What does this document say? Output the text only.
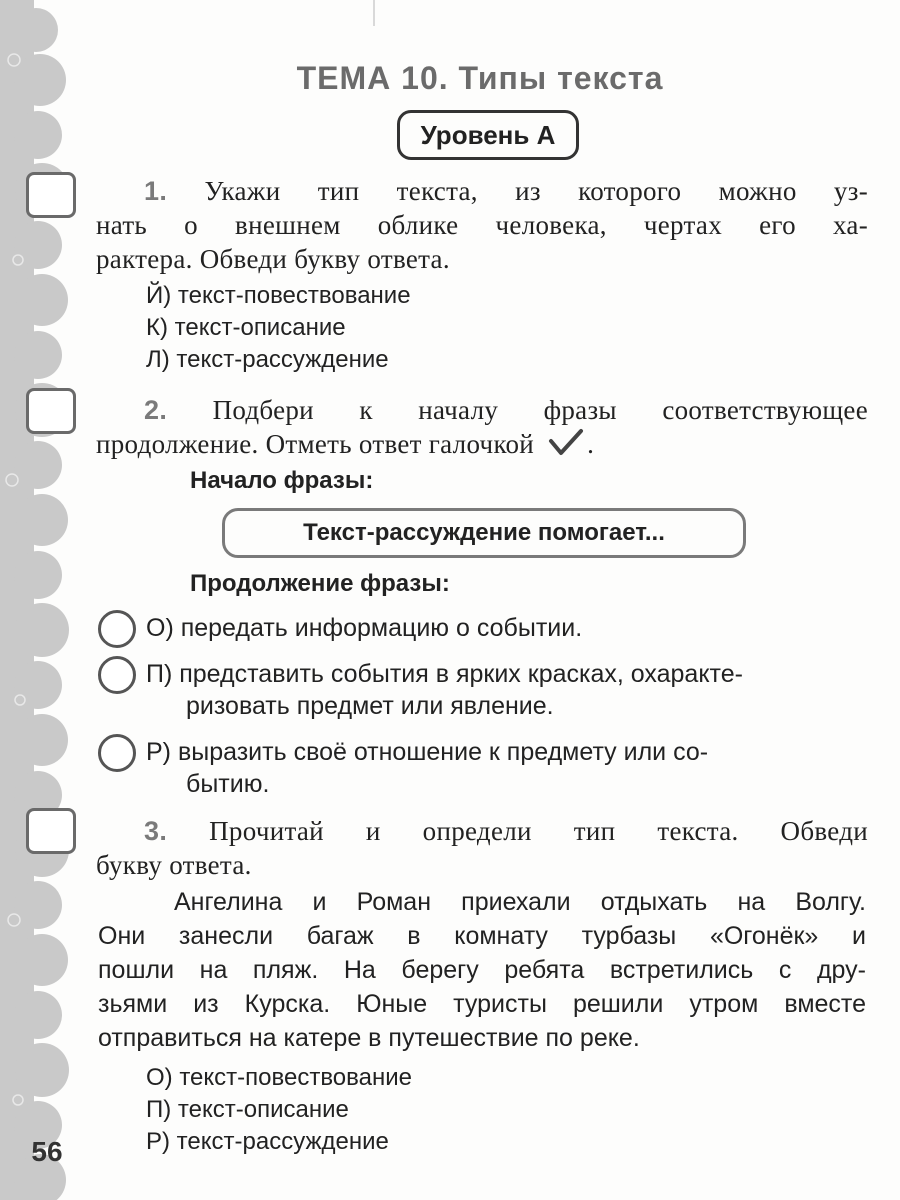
ТЕМА 10. Типы текста
Уровень А
1. Укажи тип текста, из которого можно уз-
нать о внешнем облике человека, чертах его ха-
рактера. Обведи букву ответа.
Й) текст-повествование
К) текст-описание
Л) текст-рассуждение
2. Подбери к началу фразы соответствующее
продолжение. Отметь ответ галочкой .
Начало фразы:
Текст-рассуждение помогает...
Продолжение фразы:
О) передать информацию о событии.
П) представить события в ярких красках, охаракте-
ризовать предмет или явление.
Р) выразить своё отношение к предмету или со-
бытию.
3. Прочитай и определи тип текста. Обведи
букву ответа.
Ангелина и Роман приехали отдыхать на Волгу.
Они занесли багаж в комнату турбазы «Огонёк» и
пошли на пляж. На берегу ребята встретились с дру-
зьями из Курска. Юные туристы решили утром вместе
отправиться на катере в путешествие по реке.
О) текст-повествование
П) текст-описание
Р) текст-рассуждение
56
